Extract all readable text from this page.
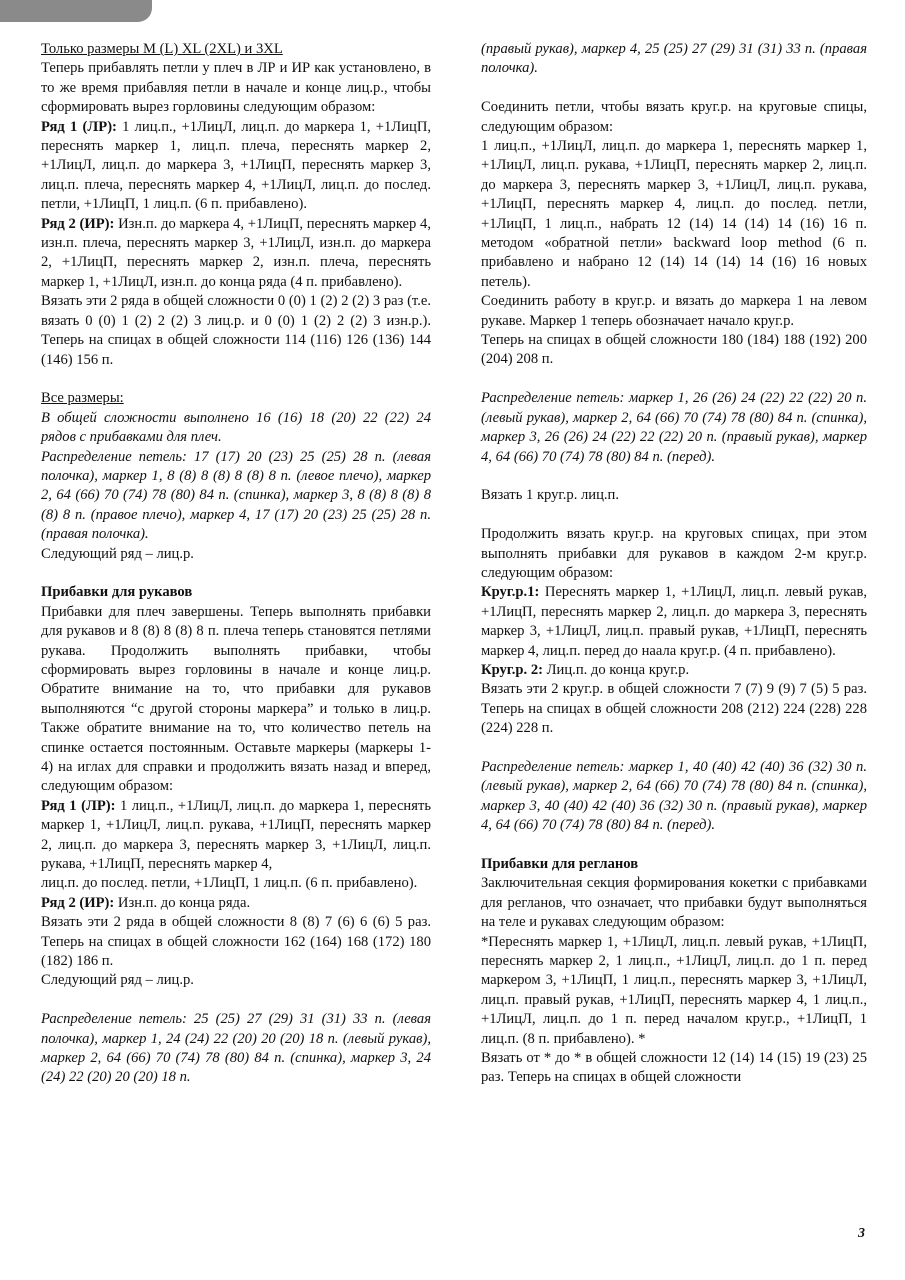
Только размеры M (L) XL (2XL) и 3XL

Теперь прибавлять петли у плеч в ЛР и ИР как установлено, в то же время прибавляя петли в начале и конце лиц.р., чтобы сформировать вырез горловины следующим образом:

Ряд 1 (ЛР): 1 лиц.п., +1ЛицЛ, лиц.п. до маркера 1, +1ЛицП, переснять маркер 1, лиц.п. плеча, переснять маркер 2, +1ЛицЛ, лиц.п. до маркера 3, +1ЛицП, переснять маркер 3, лиц.п. плеча, переснять маркер 4, +1ЛицЛ, лиц.п. до послед. петли, +1ЛицП, 1 лиц.п. (6 п. прибавлено).

Ряд 2 (ИР): Изн.п. до маркера 4, +1ЛицП, переснять маркер 4, изн.п. плеча, переснять маркер 3, +1ЛицЛ, изн.п. до маркера 2, +1ЛицП, переснять маркер 2, изн.п. плеча, переснять маркер 1, +1ЛицЛ, изн.п. до конца ряда (4 п. прибавлено).

Вязать эти 2 ряда в общей сложности 0 (0) 1 (2) 2 (2) 3 раз (т.е. вязать 0 (0) 1 (2) 2 (2) 3 лиц.р. и 0 (0) 1 (2) 2 (2) 3 изн.р.). Теперь на спицах в общей сложности 114 (116) 126 (136) 144 (146) 156 п.

Все размеры:

В общей сложности выполнено 16 (16) 18 (20) 22 (22) 24 рядов с прибавками для плеч.

Распределение петель: 17 (17) 20 (23) 25 (25) 28 п. (левая полочка), маркер 1, 8 (8) 8 (8) 8 (8) 8 п. (левое плечо), маркер 2, 64 (66) 70 (74) 78 (80) 84 п. (спинка), маркер 3, 8 (8) 8 (8) 8 (8) 8 п. (правое плечо), маркер 4, 17 (17) 20 (23) 25 (25) 28 п. (правая полочка).

Следующий ряд – лиц.р.

Прибавки для рукавов

Прибавки для плеч завершены. Теперь выполнять прибавки для рукавов и 8 (8) 8 (8) 8 п. плеча теперь становятся петлями рукава. Продолжить выполнять прибавки, чтобы сформировать вырез горловины в начале и конце лиц.р. Обратите внимание на то, что прибавки для рукавов выполняются “с другой стороны маркера” и только в лиц.р. Также обратите внимание на то, что количество петель на спинке остается постоянным. Оставьте маркеры (маркеры 1-4) на иглах для справки и продолжить вязать назад и вперед, следующим образом:

Ряд 1 (ЛР): 1 лиц.п., +1ЛицЛ, лиц.п. до маркера 1, переснять маркер 1, +1ЛицЛ, лиц.п. рукава, +1ЛицП, переснять маркер 2, лиц.п. до маркера 3, переснять маркер 3, +1ЛицЛ, лиц.п. рукава, +1ЛицП, переснять маркер 4,

лиц.п. до послед. петли, +1ЛицП, 1 лиц.п. (6 п. прибавлено).

Ряд 2 (ИР): Изн.п. до конца ряда.

Вязать эти 2 ряда в общей сложности 8 (8) 7 (6) 6 (6) 5 раз. Теперь на спицах в общей сложности 162 (164) 168 (172) 180 (182) 186 п.

Следующий ряд – лиц.р.

Распределение петель: 25 (25) 27 (29) 31 (31) 33 п. (левая полочка), маркер 1, 24 (24) 22 (20) 20 (20) 18 п. (левый рукав), маркер 2, 64 (66) 70 (74) 78 (80) 84 п. (спинка), маркер 3, 24 (24) 22 (20) 20 (20) 18 п.

(правый рукав), маркер 4, 25 (25) 27 (29) 31 (31) 33 п. (правая полочка).

Соединить петли, чтобы вязать круг.р. на круговые спицы, следующим образом:

1 лиц.п., +1ЛицЛ, лиц.п. до маркера 1, переснять маркер 1, +1ЛицЛ, лиц.п. рукава, +1ЛицП, переснять маркер 2, лиц.п. до маркера 3, переснять маркер 3, +1ЛицЛ, лиц.п. рукава, +1ЛицП, переснять маркер 4, лиц.п. до послед. петли, +1ЛицП, 1 лиц.п., набрать 12 (14) 14 (14) 14 (16) 16 п. методом «обратной петли» backward loop method (6 п. прибавлено и набрано 12 (14) 14 (14) 14 (16) 16 новых петель).

Соединить работу в круг.р. и вязать до маркера 1 на левом рукаве. Маркер 1 теперь обозначает начало круг.р.

Теперь на спицах в общей сложности 180 (184) 188 (192) 200 (204) 208 п.

Распределение петель: маркер 1, 26 (26) 24 (22) 22 (22) 20 п. (левый рукав), маркер 2, 64 (66) 70 (74) 78 (80) 84 п. (спинка), маркер 3, 26 (26) 24 (22) 22 (22) 20 п. (правый рукав), маркер 4, 64 (66) 70 (74) 78 (80) 84 п. (перед).

Вязать 1 круг.р. лиц.п.

Продолжить вязать круг.р. на круговых спицах, при этом выполнять прибавки для рукавов в каждом 2-м круг.р. следующим образом:

Круг.р.1: Переснять маркер 1, +1ЛицЛ, лиц.п. левый рукав, +1ЛицП, переснять маркер 2, лиц.п. до маркера 3, переснять маркер 3, +1ЛицЛ, лиц.п. правый рукав, +1ЛицП, переснять маркер 4, лиц.п. перед до наала круг.р. (4 п. прибавлено).

Круг.р. 2: Лиц.п. до конца круг.р.

Вязать эти 2 круг.р. в общей сложности 7 (7) 9 (9) 7 (5) 5 раз. Теперь на спицах в общей сложности 208 (212) 224 (228) 228 (224) 228 п.

Распределение петель: маркер 1, 40 (40) 42 (40) 36 (32) 30 п. (левый рукав), маркер 2, 64 (66) 70 (74) 78 (80) 84 п. (спинка), маркер 3, 40 (40) 42 (40) 36 (32) 30 п. (правый рукав), маркер 4, 64 (66) 70 (74) 78 (80) 84 п. (перед).

Прибавки для регланов

Заключительная секция формирования кокетки с прибавками для регланов, что означает, что прибавки будут выполняться на теле и рукавах следующим образом:

*Переснять маркер 1, +1ЛицЛ, лиц.п. левый рукав, +1ЛицП, переснять маркер 2, 1 лиц.п., +1ЛицЛ, лиц.п. до 1 п. перед маркером 3, +1ЛицП, 1 лиц.п., переснять маркер 3, +1ЛицЛ, лиц.п. правый рукав, +1ЛицП, переснять маркер 4, 1 лиц.п., +1ЛицЛ, лиц.п. до 1 п. перед началом круг.р., +1ЛицП, 1 лиц.п. (8 п. прибавлено). *

Вязать от * до * в общей сложности 12 (14) 14 (15) 19 (23) 25 раз. Теперь на спицах в общей сложности

3
